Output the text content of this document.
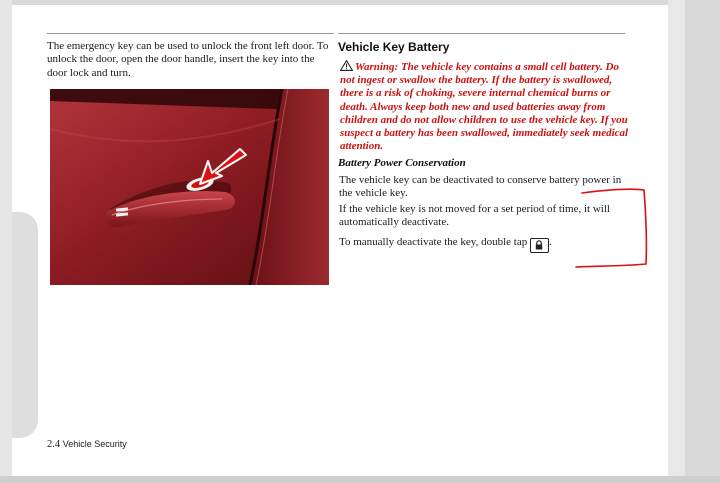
The emergency key can be used to unlock the front left door. To unlock the door, open the door handle, insert the key into the door lock and turn.

Vehicle Key Battery

Warning: The vehicle key contains a small cell battery. Do not ingest or swallow the battery. If the battery is swallowed, there is a risk of choking, severe internal chemical burns or death. Always keep both new and used batteries away from children and do not allow children to use the vehicle key. If you suspect a battery has been swallowed, immediately seek medical attention.

Battery Power Conservation

The vehicle key can be deactivated to conserve battery power in the vehicle key.

If the vehicle key is not moved for a set period of time, it will automatically deactivate.

To manually deactivate the key, double tap .

2.4 Vehicle Security
